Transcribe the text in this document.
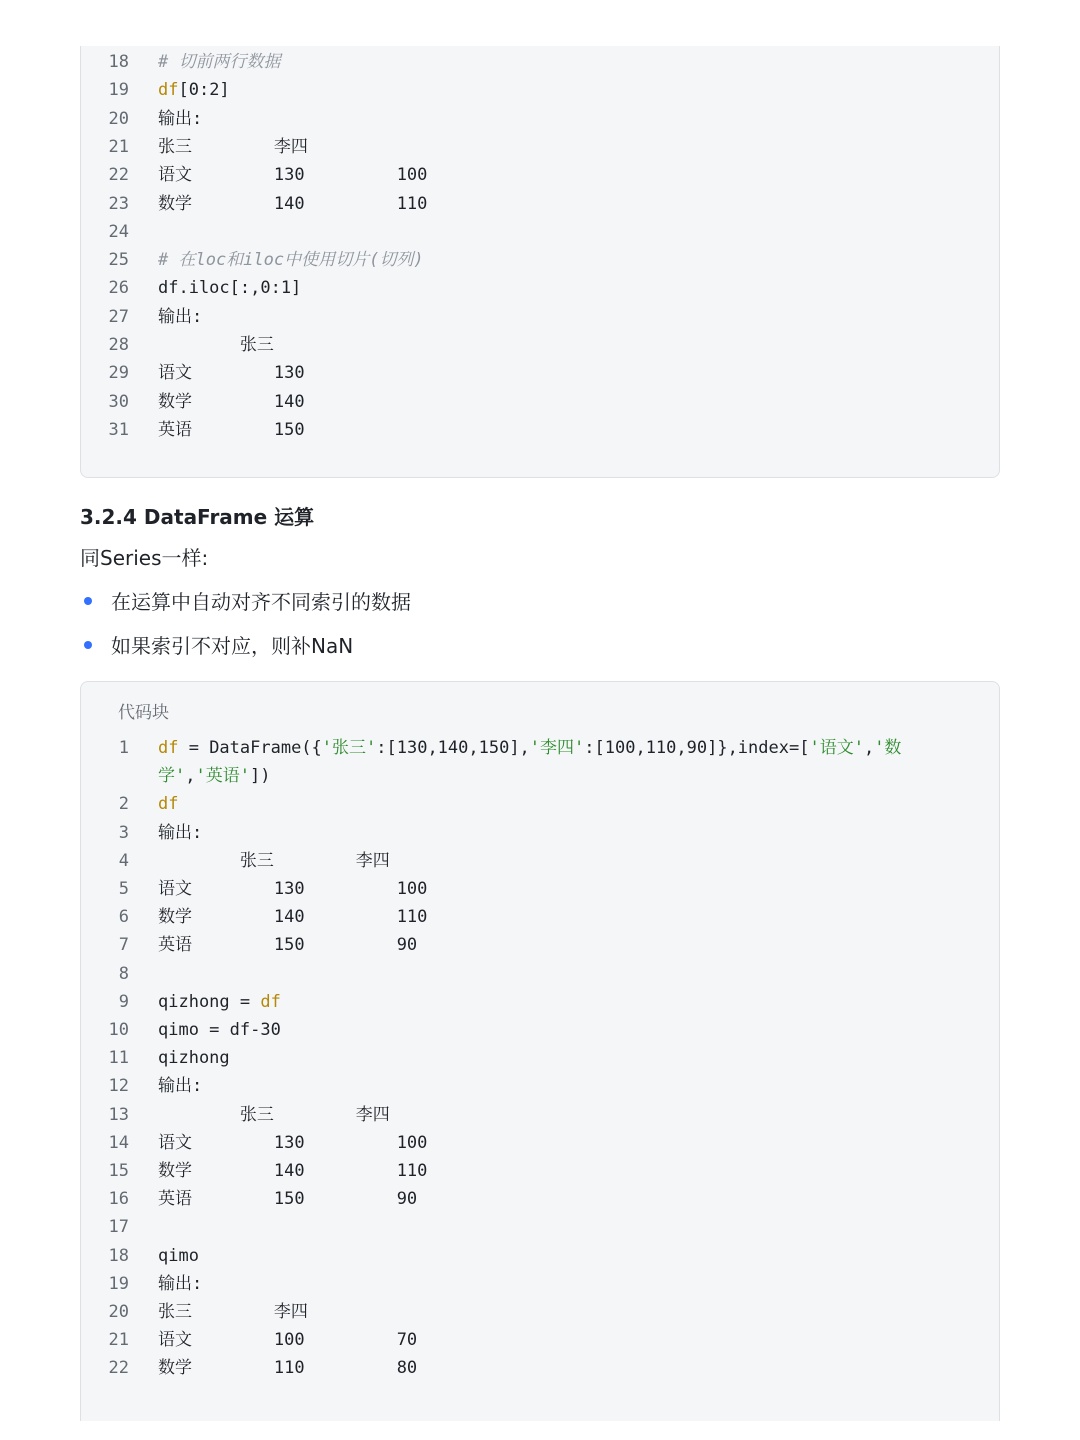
18 # 切前两行数据
19 df[0:2]
20 输出:
21 张三        李四
22 语文        130         100
23 数学        140         110
24
25 # 在loc和iloc中使用切片(切列)
26 df.iloc[:,0:1]
27 输出:
28 张三
29 语文        130
30 数学        140
31 英语        150
3.2.4 DataFrame 运算
同Series一样:
在运算中自动对齐不同索引的数据
如果索引不对应，则补NaN
代码块
1 df = DataFrame({'张三':[130,140,150],'李四':[100,110,90]},index=['语文','数
学','英语'])
2 df
3 输出:
4 张三        李四
5 语文        130         100
6 数学        140         110
7 英语        150         90
8
9 qizhong = df
10 qimo = df-30
11 qizhong
12 输出:
13 张三        李四
14 语文        130         100
15 数学        140         110
16 英语        150         90
17
18 qimo
19 输出:
20 张三        李四
21 语文        100         70
22 数学        110         80
